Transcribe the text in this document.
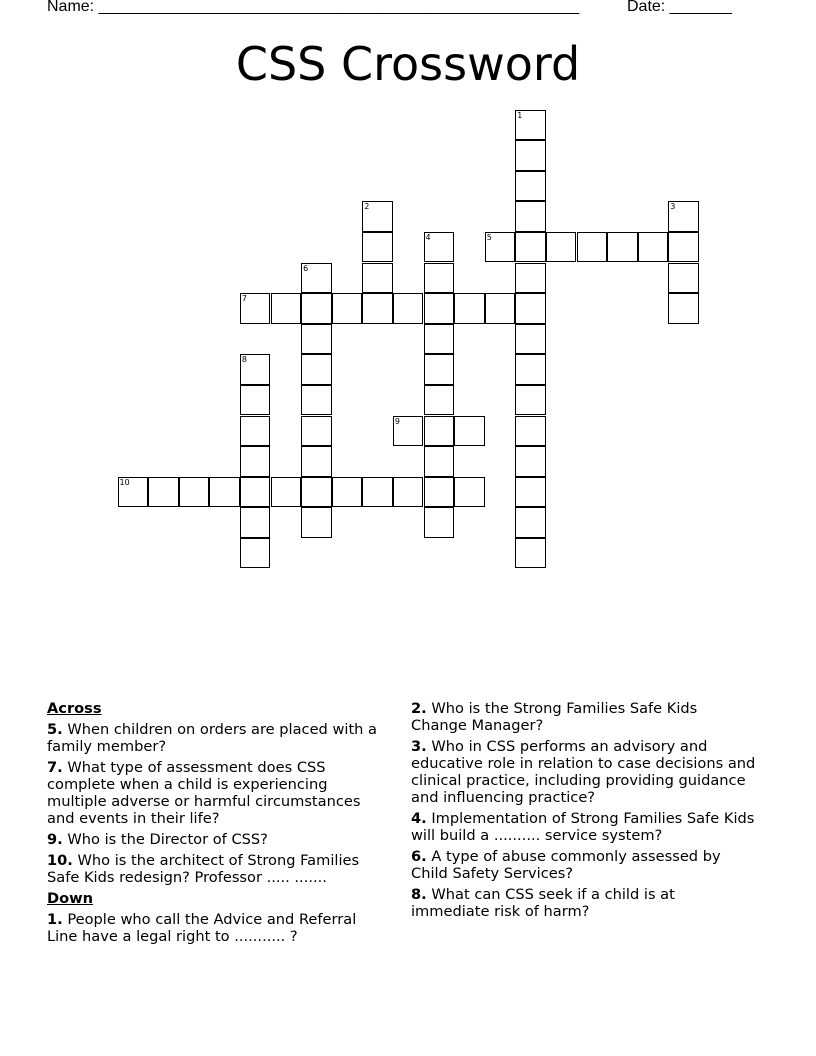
Name: ______________________________________________________	Date: _______
CSS Crossword
1
2	3
4	5
6
7
8
9
10
Across
5. When children on orders are placed with a family member?
7. What type of assessment does CSS complete when a child is experiencing multiple adverse or harmful circumstances and events in their life?
9. Who is the Director of CSS?
10. Who is the architect of Strong Families Safe Kids redesign? Professor ..... .......
Down
1. People who call the Advice and Referral Line have a legal right to ........... ?
2. Who is the Strong Families Safe Kids Change Manager?
3. Who in CSS performs an advisory and educative role in relation to case decisions and clinical practice, including providing guidance and influencing practice?
4. Implementation of Strong Families Safe Kids will build a .......... service system?
6. A type of abuse commonly assessed by Child Safety Services?
8. What can CSS seek if a child is at immediate risk of harm?
